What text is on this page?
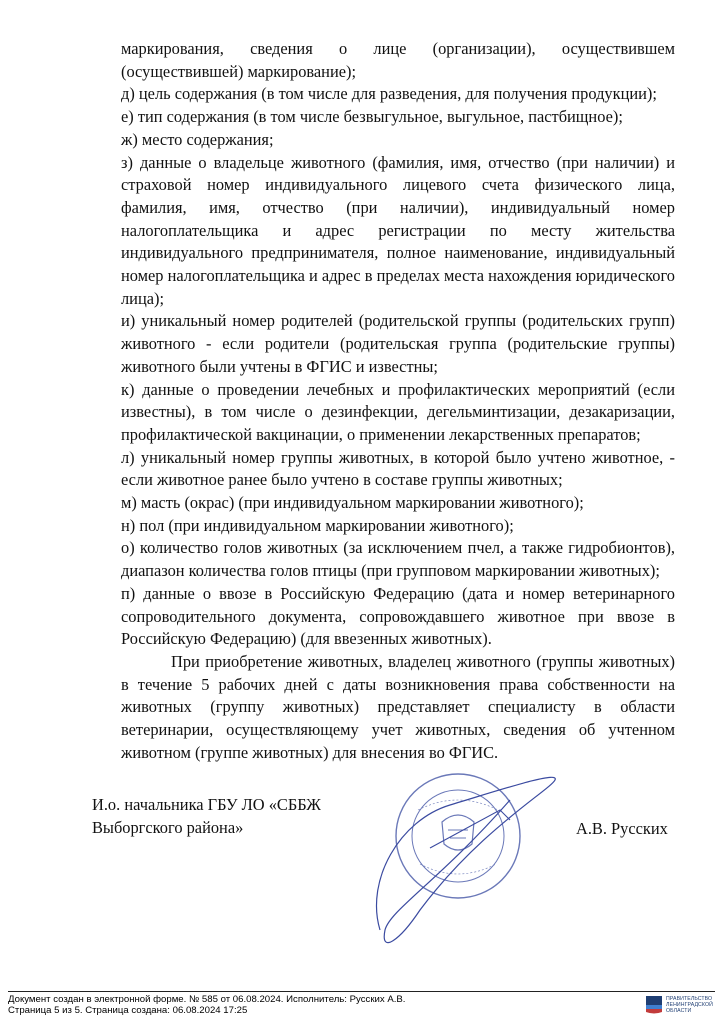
маркирования, сведения о лице (организации), осуществившем (осуществившей) маркирование);

д) цель содержания (в том числе для разведения, для получения продукции);

е) тип содержания (в том числе безвыгульное, выгульное, пастбищное);

ж) место содержания;

з) данные о владельце животного (фамилия, имя, отчество (при наличии) и страховой номер индивидуального лицевого счета физического лица, фамилия, имя, отчество (при наличии), индивидуальный номер налогоплательщика и адрес регистрации по месту жительства индивидуального предпринимателя, полное наименование, индивидуальный номер налогоплательщика и адрес в пределах места нахождения юридического лица);

и) уникальный номер родителей (родительской группы (родительских групп) животного - если родители (родительская группа (родительские группы) животного были учтены в ФГИС и известны;

к) данные о проведении лечебных и профилактических мероприятий (если известны), в том числе о дезинфекции, дегельминтизации, дезакаризации, профилактической вакцинации, о применении лекарственных препаратов;

л) уникальный номер группы животных, в которой было учтено животное, - если животное ранее было учтено в составе группы животных;

м) масть (окрас) (при индивидуальном маркировании животного);

н) пол (при индивидуальном маркировании животного);

о) количество голов животных (за исключением пчел, а также гидробионтов), диапазон количества голов птицы (при групповом маркировании животных);

п) данные о ввозе в Российскую Федерацию (дата и номер ветеринарного сопроводительного документа, сопровождавшего животное при ввозе в Российскую Федерацию) (для ввезенных животных).

При приобретение животных, владелец животного (группы животных) в течение 5 рабочих дней с даты возникновения права собственности на животных (группу животных) представляет специалисту в области ветеринарии, осуществляющему учет животных, сведения об учтенном животном (группе животных) для внесения во ФГИС.

И.о. начальника ГБУ ЛО «СББЖ
Выборгского района»	А.В. Русских
Документ создан в электронной форме. № 585 от 06.08.2024. Исполнитель: Русских А.В.
Страница 5 из 5. Страница создана: 06.08.2024 17:25
ПРАВИТЕЛЬСТВО
ЛЕНИНГРАДСКОЙ
ОБЛАСТИ
